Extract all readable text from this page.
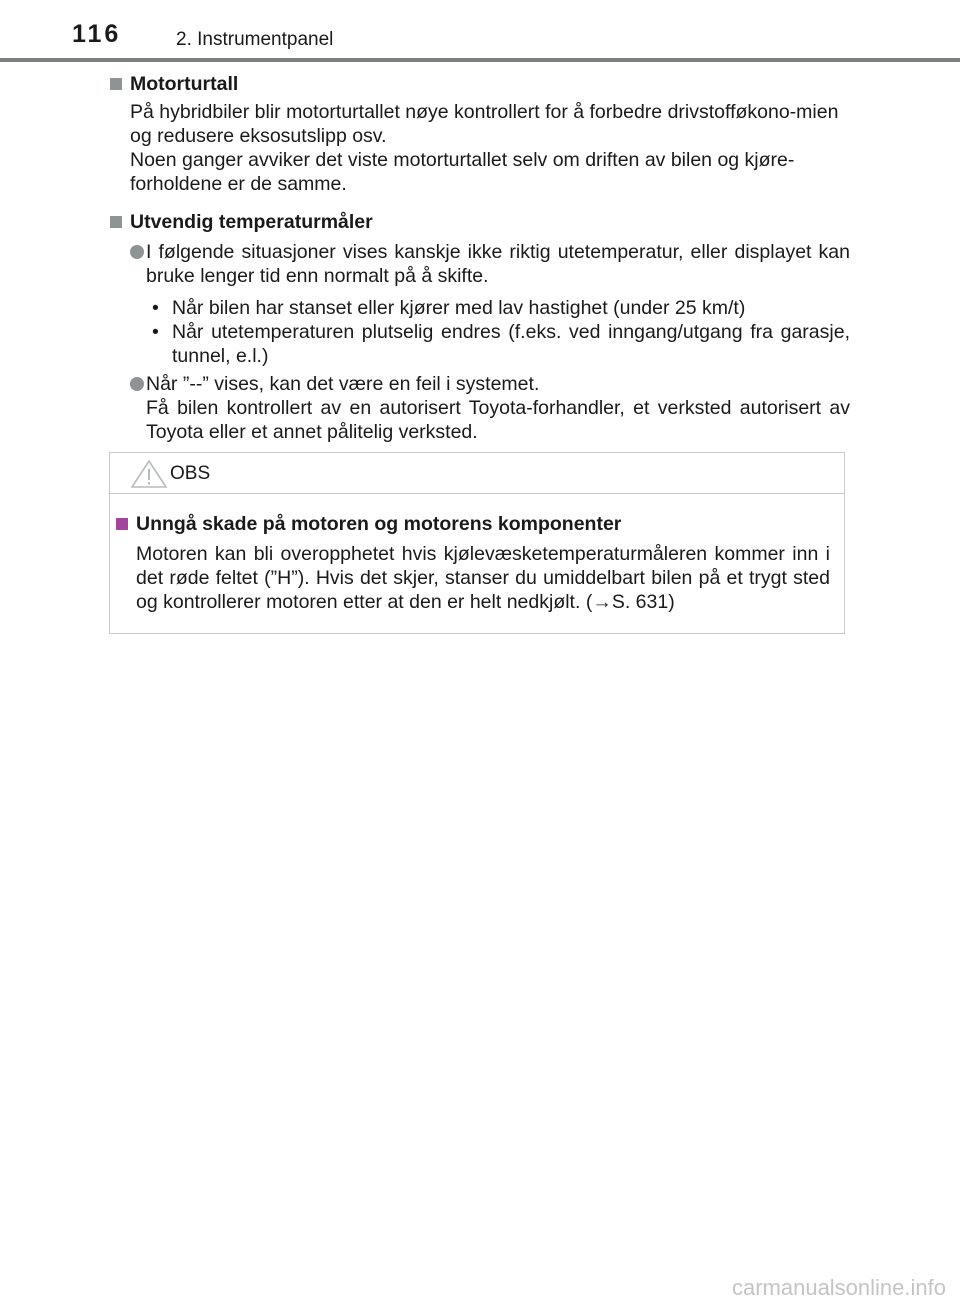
116	2. Instrumentpanel
Motorturtall

På hybridbiler blir motorturtallet nøye kontrollert for å forbedre drivstofføkono-mien og redusere eksosutslipp osv.

Noen ganger avviker det viste motorturtallet selv om driften av bilen og kjøre-forholdene er de samme.

Utvendig temperaturmåler
I følgende situasjoner vises kanskje ikke riktig utetemperatur, eller displayet kan bruke lenger tid enn normalt på å skifte.
• Når bilen har stanset eller kjører med lav hastighet (under 25 km/t)
• Når utetemperaturen plutselig endres (f.eks. ved inngang/utgang fra garasje, tunnel, e.l.)
Når ”--” vises, kan det være en feil i systemet.
Få bilen kontrollert av en autorisert Toyota-forhandler, et verksted autorisert av Toyota eller et annet pålitelig verksted.
OBS
Unngå skade på motoren og motorens komponenter
Motoren kan bli overopphetet hvis kjølevæsketemperaturmåleren kommer inn i det røde feltet (”H”). Hvis det skjer, stanser du umiddelbart bilen på et trygt sted og kontrollerer motoren etter at den er helt nedkjølt. (→S. 631)
carmanualsonline.info
